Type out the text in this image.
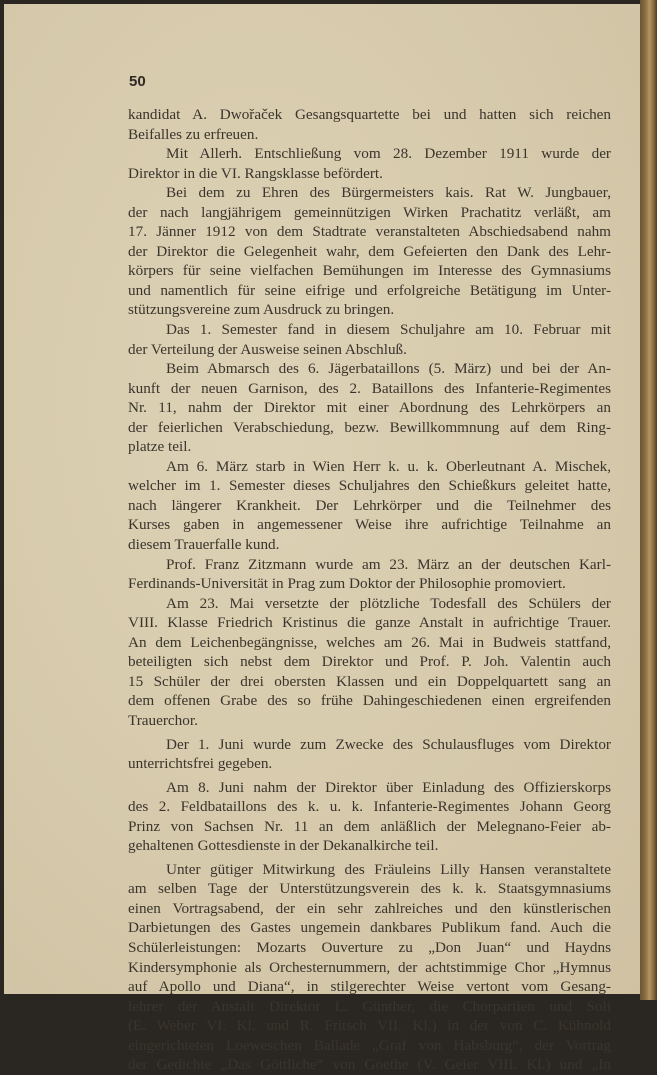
50
kandidat A. Dwořaček Gesangsquartette bei und hatten sich reichen
Beifalles zu erfreuen.
Mit Allerh. Entschließung vom 28. Dezember 1911 wurde der
Direktor in die VI. Rangsklasse befördert.
Bei dem zu Ehren des Bürgermeisters kais. Rat W. Jungbauer,
der nach langjährigem gemeinnützigen Wirken Prachatitz verläßt, am
17. Jänner 1912 von dem Stadtrate veranstalteten Abschiedsabend nahm
der Direktor die Gelegenheit wahr, dem Gefeierten den Dank des Lehr-
körpers für seine vielfachen Bemühungen im Interesse des Gymnasiums
und namentlich für seine eifrige und erfolgreiche Betätigung im Unter-
stützungsvereine zum Ausdruck zu bringen.
Das 1. Semester fand in diesem Schuljahre am 10. Februar mit
der Verteilung der Ausweise seinen Abschluß.
Beim Abmarsch des 6. Jägerbataillons (5. März) und bei der An-
kunft der neuen Garnison, des 2. Bataillons des Infanterie-Regimentes
Nr. 11, nahm der Direktor mit einer Abordnung des Lehrkörpers an
der feierlichen Verabschiedung, bezw. Bewillkommnung auf dem Ring-
platze teil.
Am 6. März starb in Wien Herr k. u. k. Oberleutnant A. Mischek,
welcher im 1. Semester dieses Schuljahres den Schießkurs geleitet hatte,
nach längerer Krankheit. Der Lehrkörper und die Teilnehmer des
Kurses gaben in angemessener Weise ihre aufrichtige Teilnahme an
diesem Trauerfalle kund.
Prof. Franz Zitzmann wurde am 23. März an der deutschen Karl-
Ferdinands-Universität in Prag zum Doktor der Philosophie promoviert.
Am 23. Mai versetzte der plötzliche Todesfall des Schülers der
VIII. Klasse Friedrich Kristinus die ganze Anstalt in aufrichtige Trauer.
An dem Leichenbegängnisse, welches am 26. Mai in Budweis stattfand,
beteiligten sich nebst dem Direktor und Prof. P. Joh. Valentin auch
15 Schüler der drei obersten Klassen und ein Doppelquartett sang an
dem offenen Grabe des so frühe Dahingeschiedenen einen ergreifenden
Trauerchor.
Der 1. Juni wurde zum Zwecke des Schulausfluges vom Direktor
unterrichtsfrei gegeben.
Am 8. Juni nahm der Direktor über Einladung des Offizierskorps
des 2. Feldbataillons des k. u. k. Infanterie-Regimentes Johann Georg
Prinz von Sachsen Nr. 11 an dem anläßlich der Melegnano-Feier ab-
gehaltenen Gottesdienste in der Dekanalkirche teil.
Unter gütiger Mitwirkung des Fräuleins Lilly Hansen veranstaltete
am selben Tage der Unterstützungsverein des k. k. Staatsgymnasiums
einen Vortragsabend, der ein sehr zahlreiches und den künstlerischen
Darbietungen des Gastes ungemein dankbares Publikum fand. Auch die
Schülerleistungen: Mozarts Ouverture zu „Don Juan“ und Haydns
Kindersymphonie als Orchesternummern, der achtstimmige Chor „Hymnus
auf Apollo und Diana“, in stilgerechter Weise vertont vom Gesang-
lehrer der Anstalt Direktor L. Günther, die Chorpartien und Soli
(E. Weber VI. Kl. und R. Fritsch VII. Kl.) in der von C. Kühnold
eingerichteten Loeweschen Ballade „Graf von Habsburg“, der Vortrag
der Gedichte „Das Göttliche“ von Goethe (V. Geier VIII. Kl.) und „In
